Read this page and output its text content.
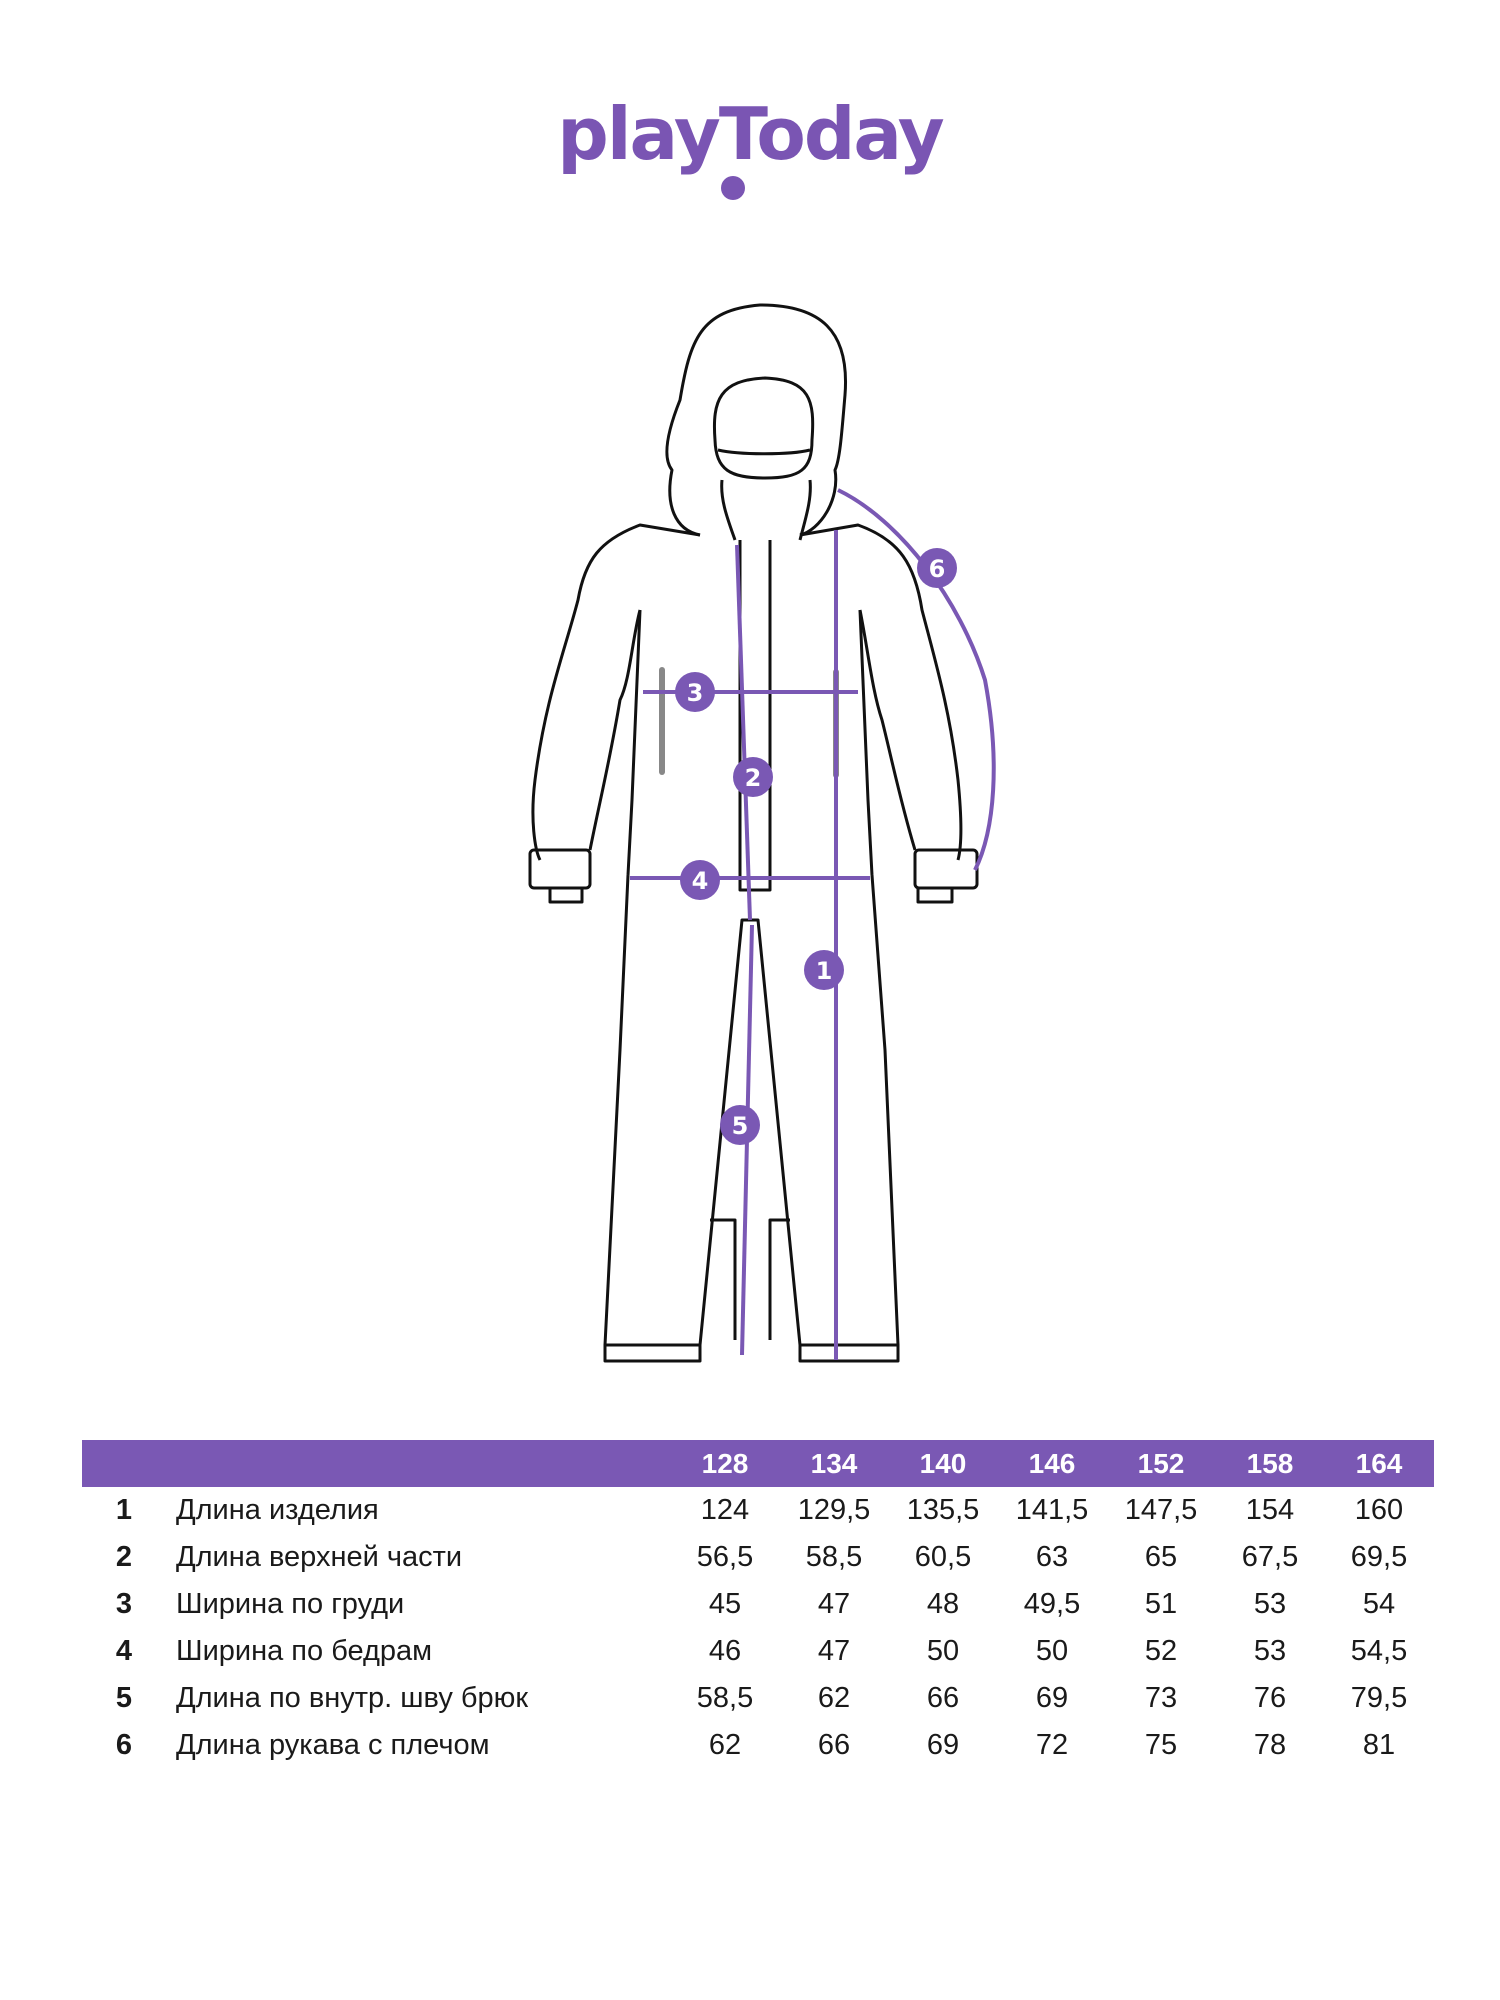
playToday
1
2
3
4
5
6
128	134	140	146	152	158	164
1	Длина изделия	124	129,5	135,5	141,5	147,5	154	160
2	Длина верхней части	56,5	58,5	60,5	63	65	67,5	69,5
3	Ширина по груди	45	47	48	49,5	51	53	54
4	Ширина по бедрам	46	47	50	50	52	53	54,5
5	Длина по внутр. шву брюк	58,5	62	66	69	73	76	79,5
6	Длина рукава с плечом	62	66	69	72	75	78	81
